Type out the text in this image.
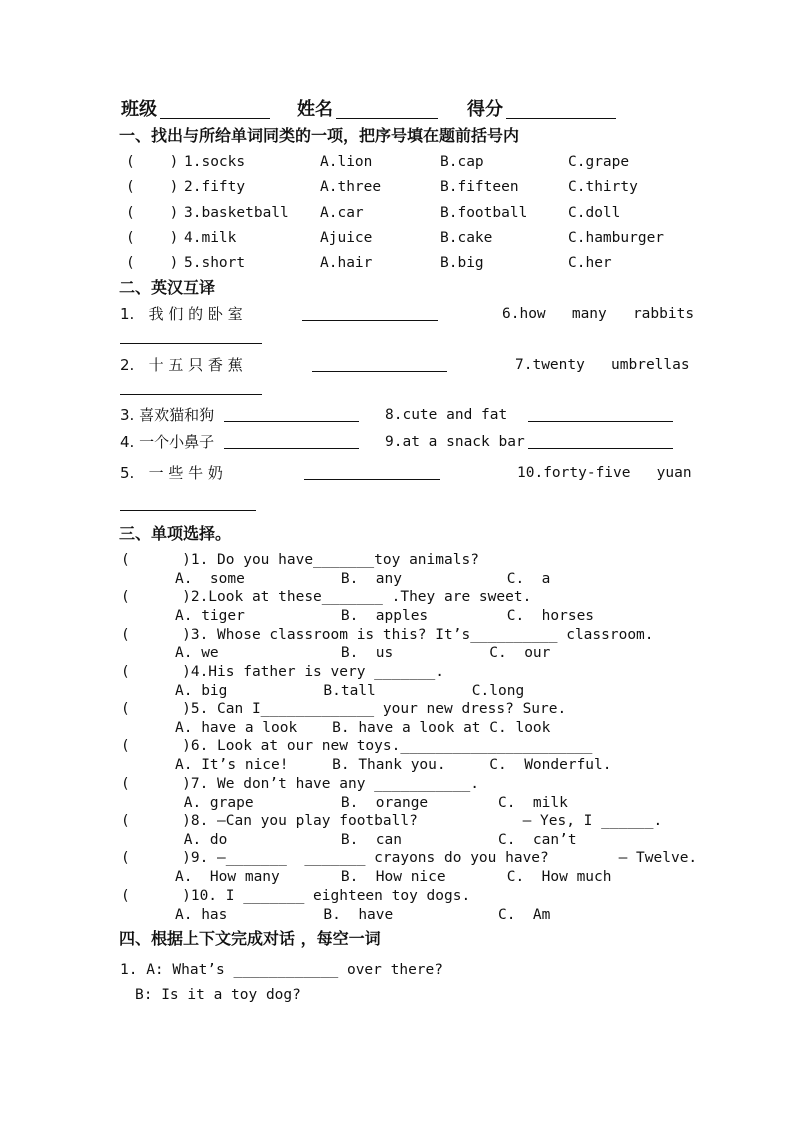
班级	姓名	得分
一、找出与所给单词同类的一项，把序号填在题前括号内
(    ) 1.socks	A.lion	B.cap	C.grape
(    ) 2.fifty	A.three	B.fifteen	C.thirty
(    ) 3.basketball A.car	B.football	C.doll
(    ) 4.milk	Ajuice	B.cake	C.hamburger
(    ) 5.short	A.hair	B.big	C.her
二、英汉互译
1.   我 们 的 卧 室	6.how   many   rabbits
2.   十 五 只 香 蕉	7.twenty   umbrellas
3. 喜欢猫和狗	8.cute and fat
4. 一个小鼻子	9.at a snack bar
5.   一 些 牛 奶	10.forty-five   yuan
三、单项选择。
(      )1. Do you have_______toy animals?
A.  some           B.  any            C.  a
(      )2.Look at these_______ .They are sweet.
A. tiger           B.  apples         C.  horses
(      )3. Whose classroom is this? It’s__________ classroom.
A. we              B.  us           C.  our
(      )4.His father is very _______.
A. big           B.tall           C.long
(      )5. Can I_____________ your new dress? Sure.
A. have a look    B. have a look at C. look
(      )6. Look at our new toys.______________________
A. It’s nice!     B. Thank you.     C.  Wonderful.
(      )7. We don’t have any ___________.
A. grape          B.  orange        C.  milk
(      )8. —Can you play football?            — Yes, I ______.
A. do             B.  can           C.  can’t
(      )9. —_______  _______ crayons do you have?        — Twelve.
A.  How many       B.  How nice       C.  How much
(      )10. I _______ eighteen toy dogs.
A. has           B.  have            C.  Am
四、根据上下文完成对话 ，每空一词
1. A: What’s ____________ over there?
B: Is it a toy dog?
